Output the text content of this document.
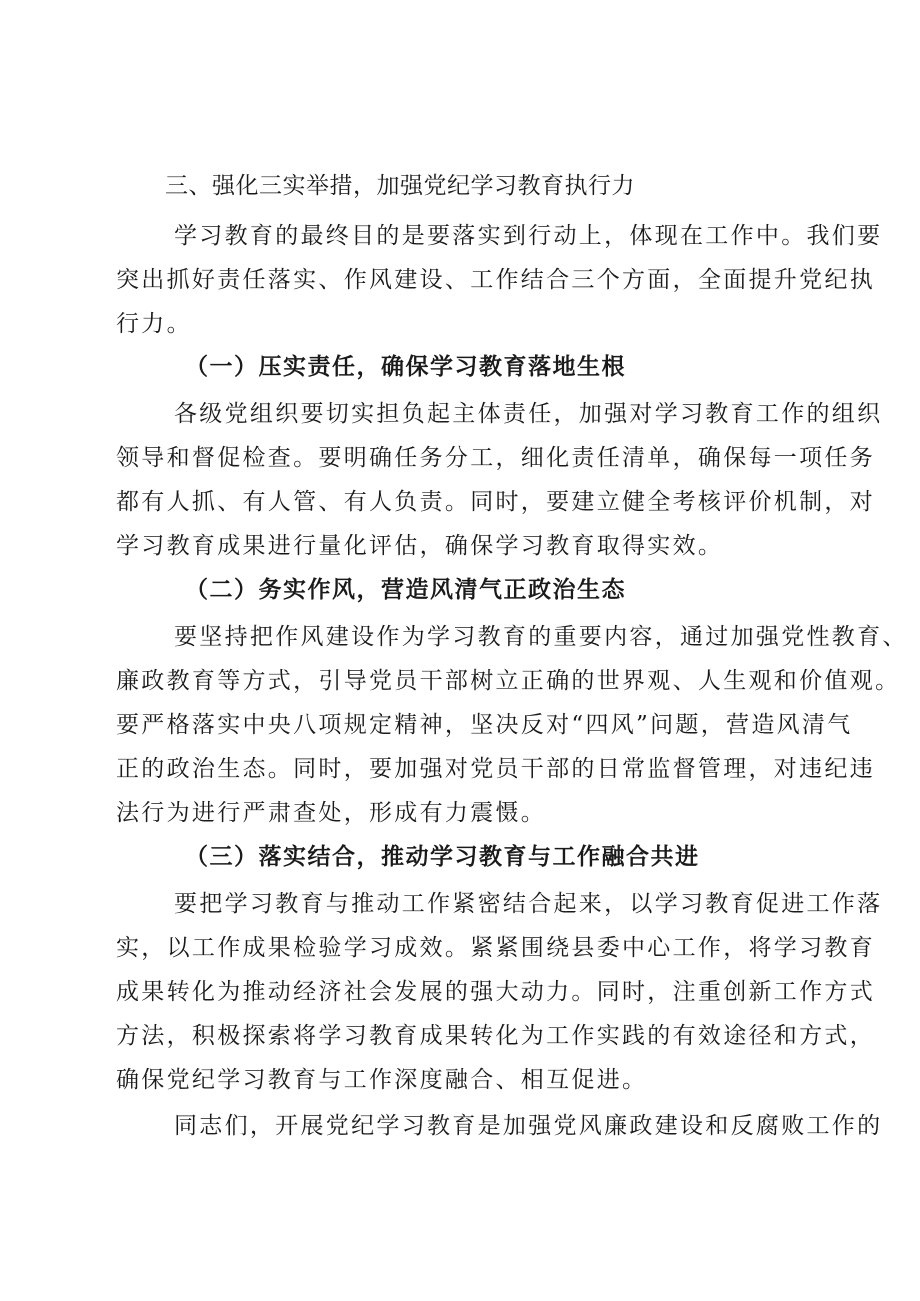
三、强化三实举措，加强党纪学习教育执行力
学习教育的最终目的是要落实到行动上，体现在工作中。我们要
突出抓好责任落实、作风建设、工作结合三个方面，全面提升党纪执
行力。
（一）压实责任，确保学习教育落地生根
各级党组织要切实担负起主体责任，加强对学习教育工作的组织
领导和督促检查。要明确任务分工，细化责任清单，确保每一项任务
都有人抓、有人管、有人负责。同时，要建立健全考核评价机制，对
学习教育成果进行量化评估，确保学习教育取得实效。
（二）务实作风，营造风清气正政治生态
要坚持把作风建设作为学习教育的重要内容，通过加强党性教育、
廉政教育等方式，引导党员干部树立正确的世界观、人生观和价值观。
要严格落实中央八项规定精神，坚决反对“四风”问题，营造风清气
正的政治生态。同时，要加强对党员干部的日常监督管理，对违纪违
法行为进行严肃查处，形成有力震慑。
（三）落实结合，推动学习教育与工作融合共进
要把学习教育与推动工作紧密结合起来，以学习教育促进工作落
实，以工作成果检验学习成效。紧紧围绕县委中心工作，将学习教育
成果转化为推动经济社会发展的强大动力。同时，注重创新工作方式
方法，积极探索将学习教育成果转化为工作实践的有效途径和方式，
确保党纪学习教育与工作深度融合、相互促进。
同志们，开展党纪学习教育是加强党风廉政建设和反腐败工作的
